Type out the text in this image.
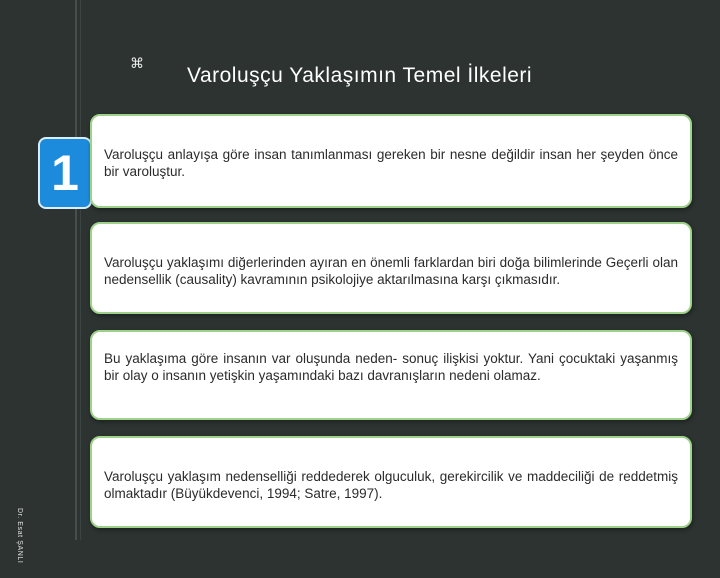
⌘
Varoluşçu Yaklaşımın Temel İlkeleri
1	Varoluşçu anlayışa göre insan tanımlanması gereken bir nesne değildir insan her şeyden önce bir varoluştur.
Varoluşçu yaklaşımı diğerlerinden ayıran en önemli farklardan biri doğa bilimlerinde Geçerli olan nedensellik (causality) kavramının psikolojiye aktarılmasına karşı çıkmasıdır.
Bu yaklaşıma göre insanın var oluşunda neden- sonuç ilişkisi yoktur. Yani çocuktaki yaşanmış bir olay o insanın yetişkin yaşamındaki bazı davranışların nedeni olamaz.
Varoluşçu yaklaşım nedenselliği reddederek olguculuk, gerekircilik ve maddeciliği de reddetmiş olmaktadır (Büyükdevenci, 1994; Satre, 1997).
Dr. Esat ŞANLI
